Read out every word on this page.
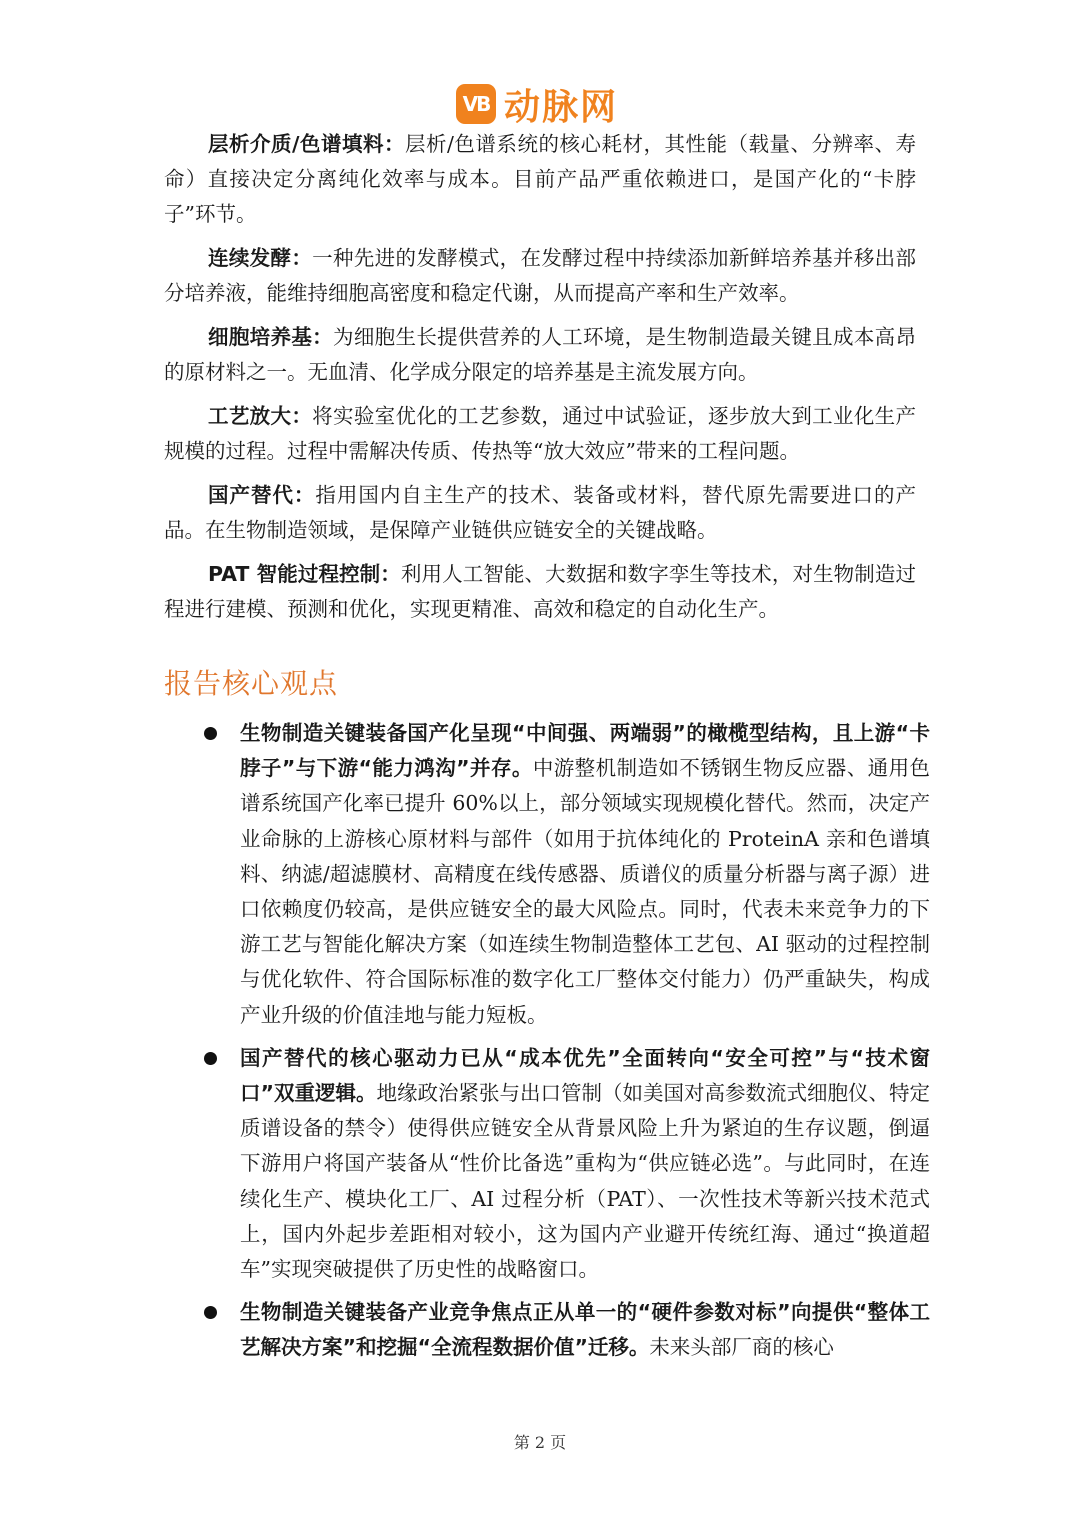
VB 动脉网

层析介质/色谱填料：层析/色谱系统的核心耗材，其性能（载量、分辨率、寿命）直接决定分离纯化效率与成本。目前产品严重依赖进口，是国产化的“卡脖子”环节。

连续发酵：一种先进的发酵模式，在发酵过程中持续添加新鲜培养基并移出部分培养液，能维持细胞高密度和稳定代谢，从而提高产率和生产效率。

细胞培养基：为细胞生长提供营养的人工环境，是生物制造最关键且成本高昂的原材料之一。无血清、化学成分限定的培养基是主流发展方向。

工艺放大：将实验室优化的工艺参数，通过中试验证，逐步放大到工业化生产规模的过程。过程中需解决传质、传热等“放大效应”带来的工程问题。

国产替代：指用国内自主生产的技术、装备或材料，替代原先需要进口的产品。在生物制造领域，是保障产业链供应链安全的关键战略。

PAT 智能过程控制：利用人工智能、大数据和数字孪生等技术，对生物制造过程进行建模、预测和优化，实现更精准、高效和稳定的自动化生产。

报告核心观点
生物制造关键装备国产化呈现“中间强、两端弱”的橄榄型结构，且上游“卡脖子”与下游“能力鸿沟”并存。中游整机制造如不锈钢生物反应器、通用色谱系统国产化率已提升 60%以上，部分领域实现规模化替代。然而，决定产业命脉的上游核心原材料与部件（如用于抗体纯化的 ProteinA 亲和色谱填料、纳滤/超滤膜材、高精度在线传感器、质谱仪的质量分析器与离子源）进口依赖度仍较高，是供应链安全的最大风险点。同时，代表未来竞争力的下游工艺与智能化解决方案（如连续生物制造整体工艺包、AI 驱动的过程控制与优化软件、符合国际标准的数字化工厂整体交付能力）仍严重缺失，构成产业升级的价值洼地与能力短板。
国产替代的核心驱动力已从“成本优先”全面转向“安全可控”与“技术窗口”双重逻辑。地缘政治紧张与出口管制（如美国对高参数流式细胞仪、特定质谱设备的禁令）使得供应链安全从背景风险上升为紧迫的生存议题，倒逼下游用户将国产装备从“性价比备选”重构为“供应链必选”。与此同时，在连续化生产、模块化工厂、AI 过程分析（PAT）、一次性技术等新兴技术范式上，国内外起步差距相对较小，这为国内产业避开传统红海、通过“换道超车”实现突破提供了历史性的战略窗口。
生物制造关键装备产业竞争焦点正从单一的“硬件参数对标”向提供“整体工艺解决方案”和挖掘“全流程数据价值”迁移。未来头部厂商的核心
第 2 页
